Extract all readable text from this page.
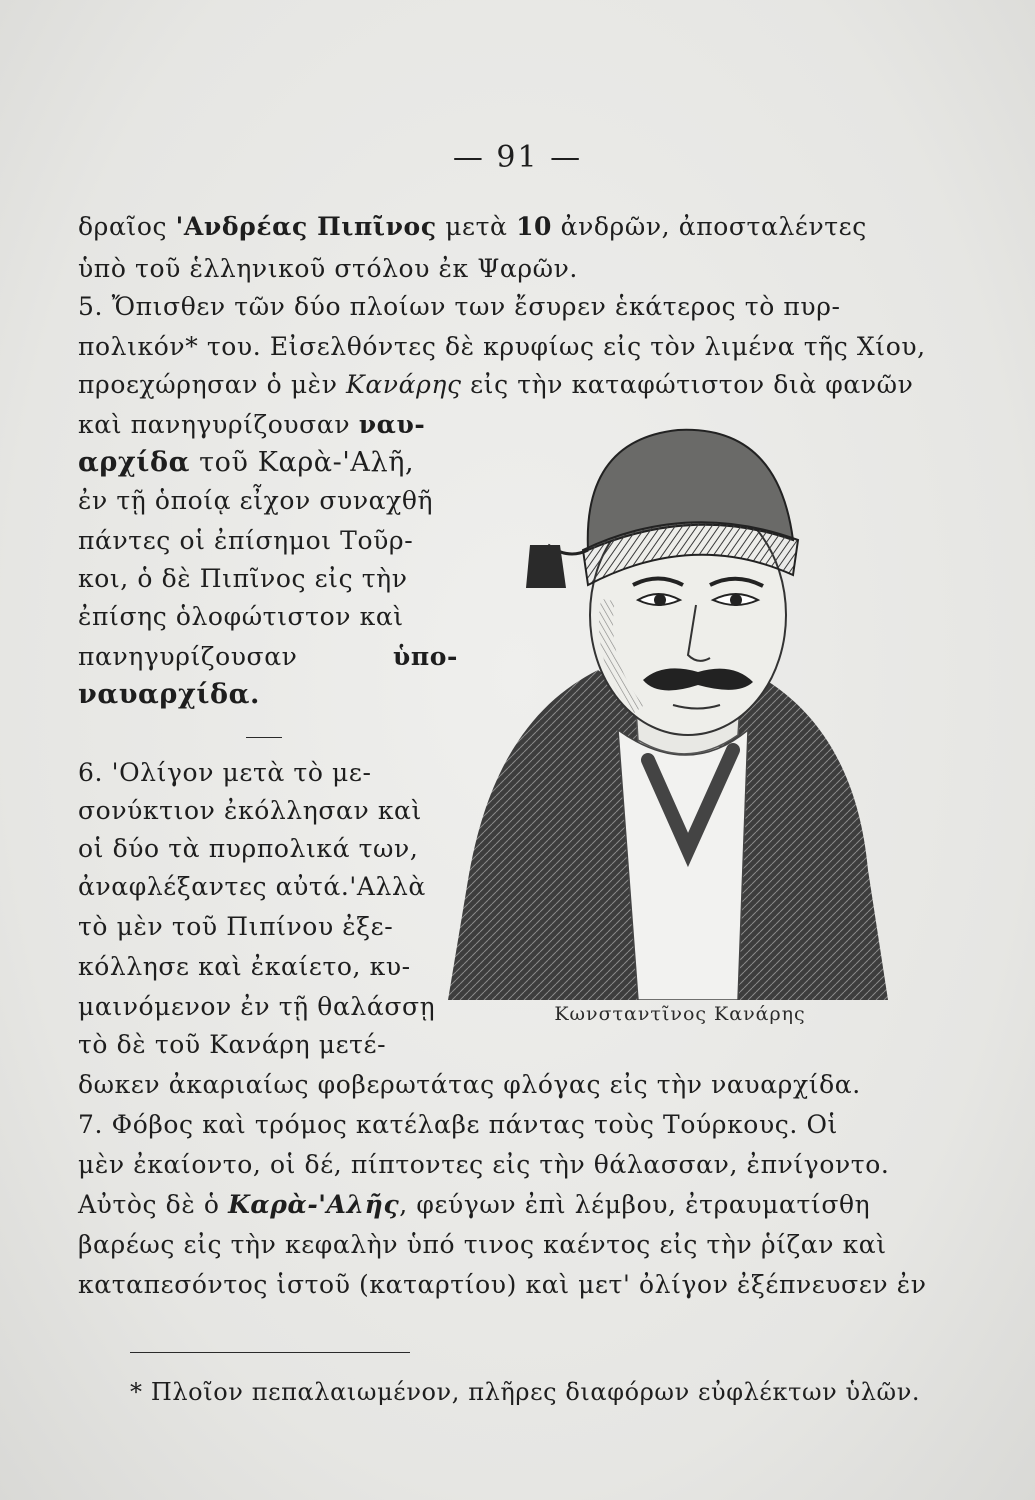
— 91 —
δραῖος 'Ανδρέας Πιπῖνος μετὰ 10 ἀνδρῶν, ἀποσταλέντες
ὑπὸ τοῦ ἑλληνικοῦ στόλου ἐκ Ψαρῶν.
5. Ὄπισθεν τῶν δύο πλοίων των ἔσυρεν ἑκάτερος τὸ πυρ-
πολικόν* του. Εἰσελθόντες δὲ κρυφίως εἰς τὸν λιμένα τῆς Χίου,
προεχώρησαν ὁ μὲν Κανάρης εἰς τὴν καταφώτιστον διὰ φανῶν
καὶ πανηγυρίζουσαν ναυ-
αρχίδα τοῦ Καρὰ-'Αλῆ,
ἐν τῇ ὁποίᾳ εἶχον συναχθῆ
πάντες οἱ ἐπίσημοι Τοῦρ-
κοι, ὁ δὲ Πιπῖνος εἰς τὴν
ἐπίσης ὁλοφώτιστον καὶ
πανηγυρίζουσαν	ὑπο-
ναυαρχίδα.
6. 'Ολίγον μετὰ τὸ με-
σονύκτιον ἐκόλλησαν καὶ
οἱ δύο τὰ πυρπολικά των,
ἀναφλέξαντες αὐτά.'Αλλὰ
τὸ μὲν τοῦ Πιπίνου ἐξε-
κόλλησε καὶ ἐκαίετο, κυ-
μαινόμενον ἐν τῇ θαλάσσῃ
τὸ δὲ τοῦ Κανάρη μετέ-
Κωνσταντῖνος Κανάρης
δωκεν ἀκαριαίως φοβερωτάτας φλόγας εἰς τὴν ναυαρχίδα.
7. Φόβος καὶ τρόμος κατέλαβε πάντας τοὺς Τούρκους. Οἱ
μὲν ἐκαίοντο, οἱ δέ, πίπτοντες εἰς τὴν θάλασσαν, ἐπνίγοντο.
Αὐτὸς δὲ ὁ Καρὰ-'Αλῆς, φεύγων ἐπὶ λέμβου, ἐτραυματίσθη
βαρέως εἰς τὴν κεφαλὴν ὑπό τινος καέντος εἰς τὴν ῥίζαν καὶ
καταπεσόντος ἱστοῦ (καταρτίου) καὶ μετ' ὀλίγον ἐξέπνευσεν ἐν
* Πλοῖον πεπαλαιωμένον, πλῆρες διαφόρων εὐφλέκτων ὑλῶν.
